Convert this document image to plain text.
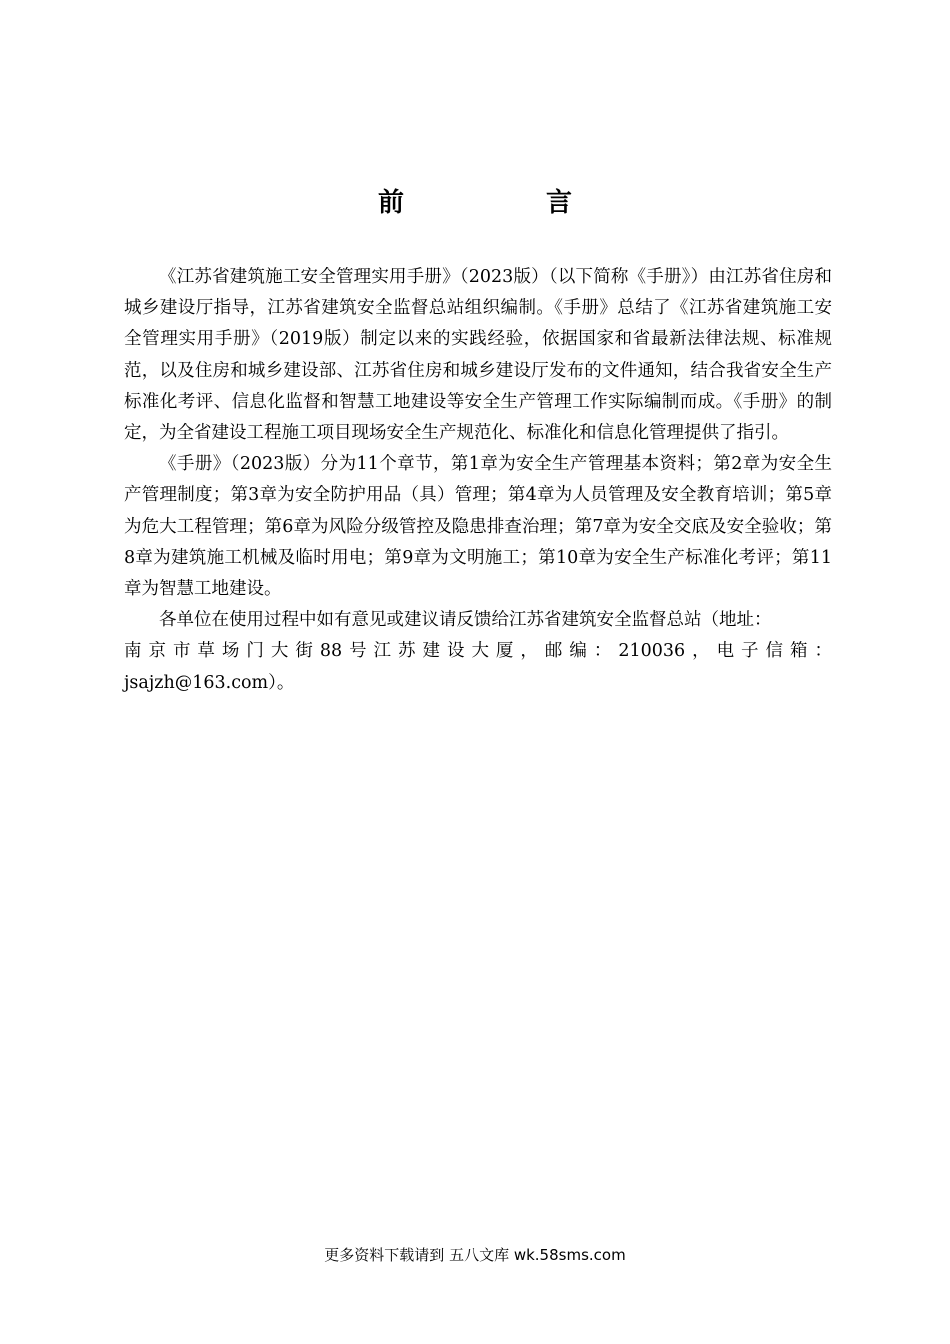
前　言

《江苏省建筑施工安全管理实用手册》（2023版）（以下简称《手册》）由江苏省住房和城乡建设厅指导，江苏省建筑安全监督总站组织编制。《手册》总结了《江苏省建筑施工安全管理实用手册》（2019版）制定以来的实践经验，依据国家和省最新法律法规、标准规范，以及住房和城乡建设部、江苏省住房和城乡建设厅发布的文件通知，结合我省安全生产标准化考评、信息化监督和智慧工地建设等安全生产管理工作实际编制而成。《手册》的制定，为全省建设工程施工项目现场安全生产规范化、标准化和信息化管理提供了指引。

《手册》（2023版）分为11个章节，第1章为安全生产管理基本资料；第2章为安全生产管理制度；第3章为安全防护用品（具）管理；第4章为人员管理及安全教育培训；第5章为危大工程管理；第6章为风险分级管控及隐患排查治理；第7章为安全交底及安全验收；第8章为建筑施工机械及临时用电；第9章为文明施工；第10章为安全生产标准化考评；第11章为智慧工地建设。

各单位在使用过程中如有意见或建议请反馈给江苏省建筑安全监督总站（地址：
南京市草场门大街88号江苏建设大厦，邮编：210036，电子信箱：
jsajzh@163.com）。

更多资料下载请到 五八文库 wk.58sms.com
